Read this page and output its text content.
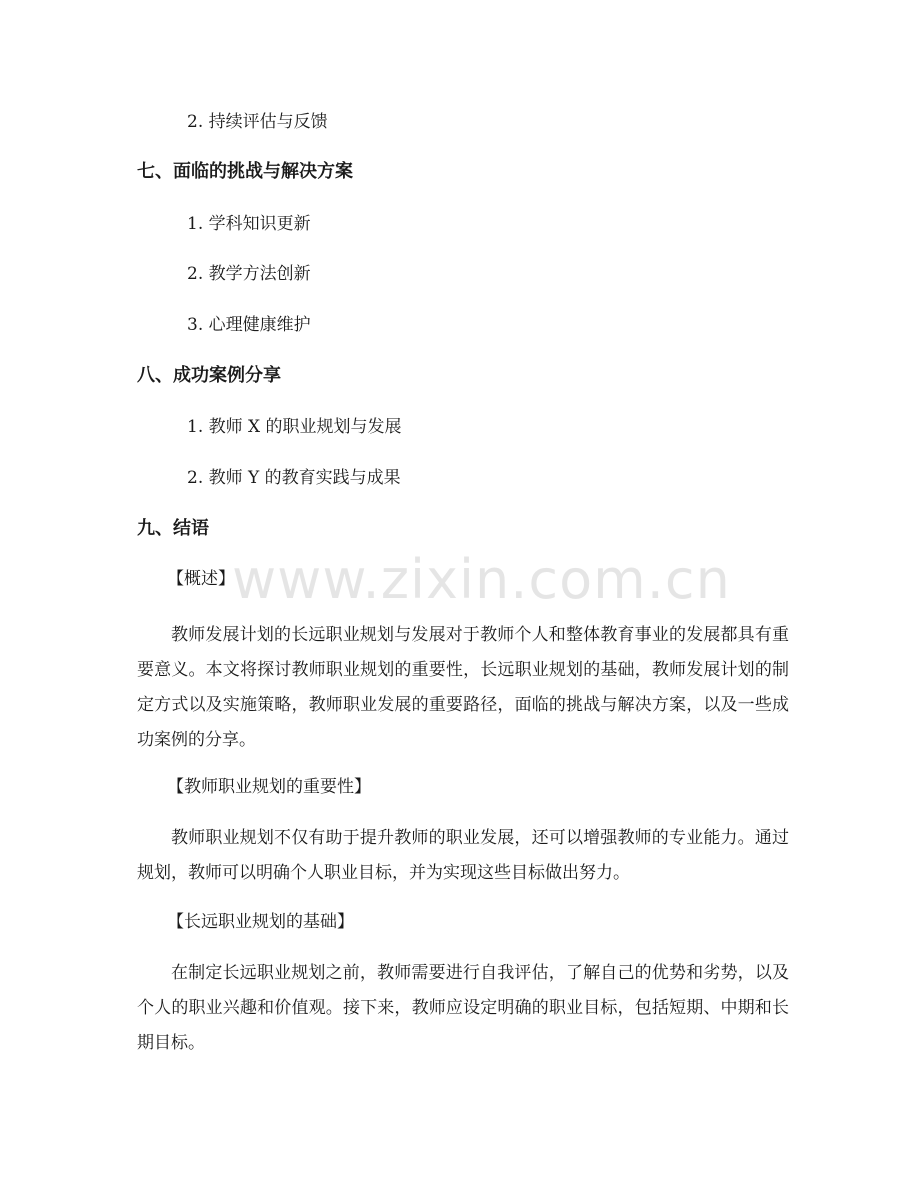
www.zixin.com.cn

2. 持续评估与反馈

七、面临的挑战与解决方案

1. 学科知识更新

2. 教学方法创新

3. 心理健康维护

八、成功案例分享

1. 教师 X 的职业规划与发展

2. 教师 Y 的教育实践与成果

九、结语

【概述】

教师发展计划的长远职业规划与发展对于教师个人和整体教育事业的发展都具有重要意义。本文将探讨教师职业规划的重要性，长远职业规划的基础，教师发展计划的制定方式以及实施策略，教师职业发展的重要路径，面临的挑战与解决方案，以及一些成功案例的分享。

【教师职业规划的重要性】

教师职业规划不仅有助于提升教师的职业发展，还可以增强教师的专业能力。通过规划，教师可以明确个人职业目标，并为实现这些目标做出努力。

【长远职业规划的基础】

在制定长远职业规划之前，教师需要进行自我评估，了解自己的优势和劣势，以及个人的职业兴趣和价值观。接下来，教师应设定明确的职业目标，包括短期、中期和长期目标。
